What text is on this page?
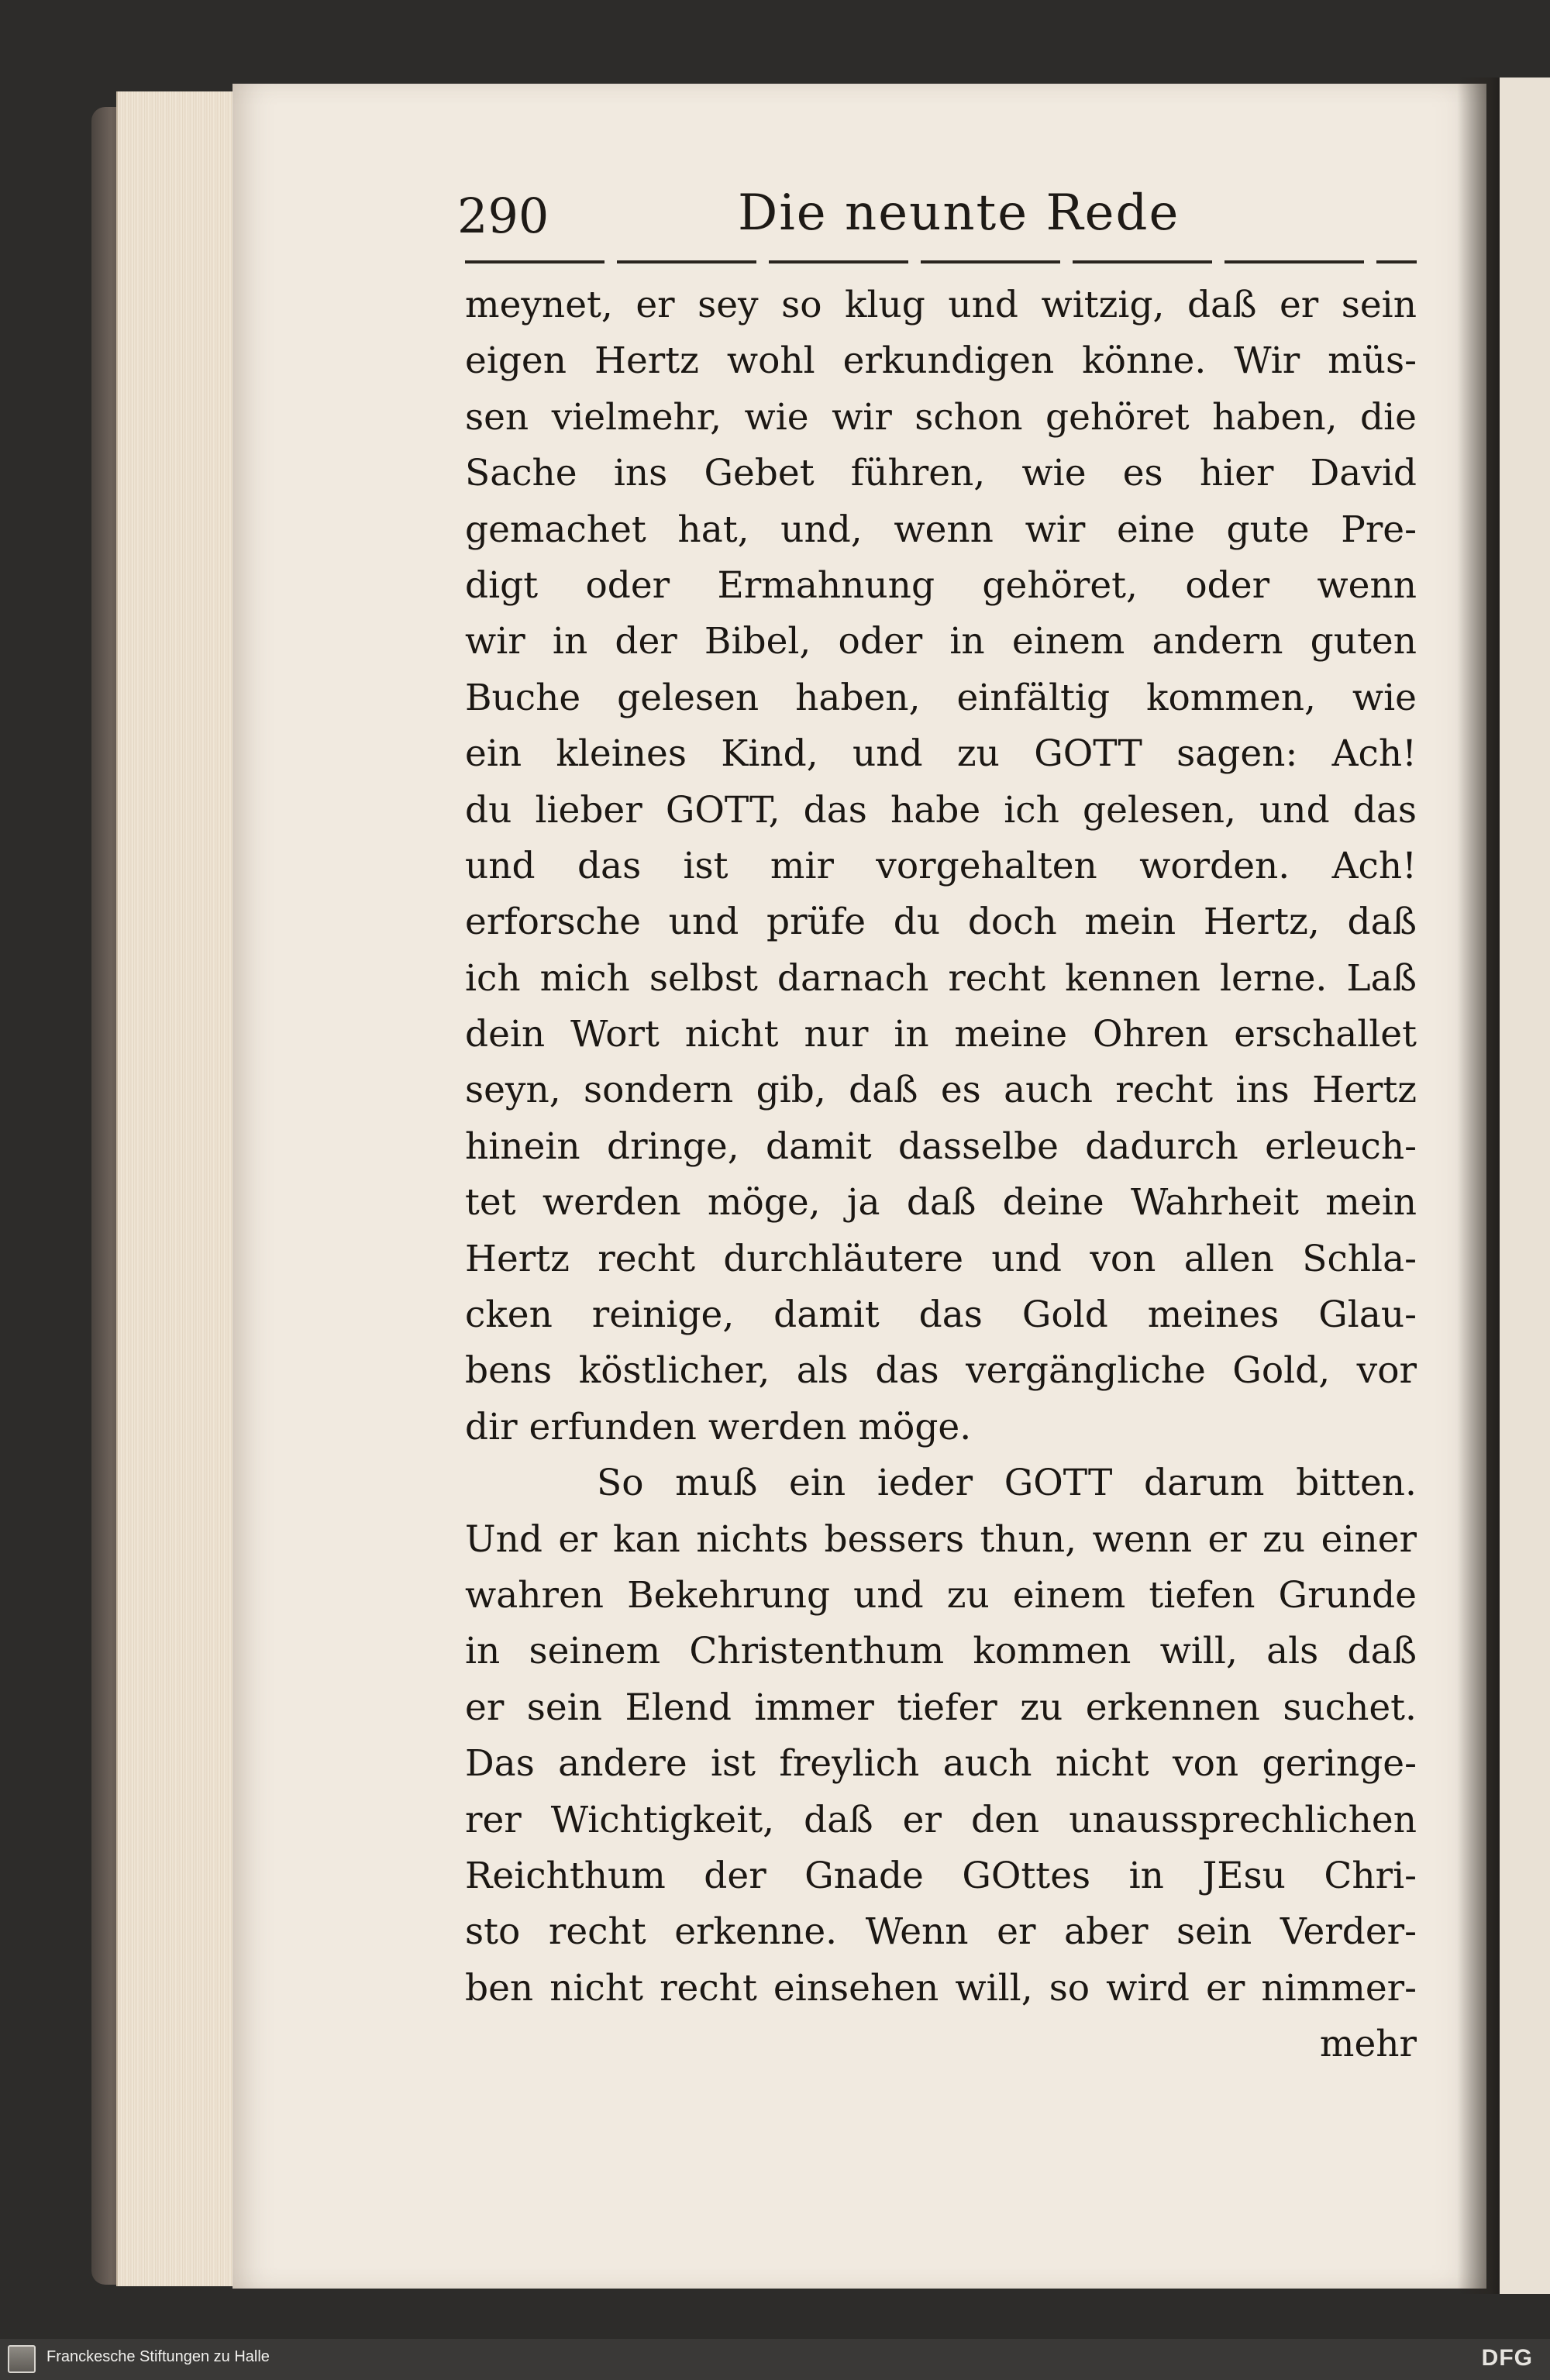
290	Die neunte Rede
meynet, er sey so klug und witzig, daß er sein
eigen Hertz wohl erkundigen könne. Wir müs-
sen vielmehr, wie wir schon gehöret haben, die
Sache ins Gebet führen, wie es hier David
gemachet hat, und, wenn wir eine gute Pre-
digt oder Ermahnung gehöret, oder wenn
wir in der Bibel, oder in einem andern guten
Buche gelesen haben, einfältig kommen, wie
ein kleines Kind, und zu GOTT sagen: Ach!
du lieber GOTT, das habe ich gelesen, und das
und das ist mir vorgehalten worden. Ach!
erforsche und prüfe du doch mein Hertz, daß
ich mich selbst darnach recht kennen lerne. Laß
dein Wort nicht nur in meine Ohren erschallet
seyn, sondern gib, daß es auch recht ins Hertz
hinein dringe, damit dasselbe dadurch erleuch-
tet werden möge, ja daß deine Wahrheit mein
Hertz recht durchläutere und von allen Schla-
cken reinige, damit das Gold meines Glau-
bens köstlicher, als das vergängliche Gold, vor
dir erfunden werden möge.
So muß ein ieder GOTT darum bitten.
Und er kan nichts bessers thun, wenn er zu einer
wahren Bekehrung und zu einem tiefen Grunde
in seinem Christenthum kommen will, als daß
er sein Elend immer tiefer zu erkennen suchet.
Das andere ist freylich auch nicht von geringe-
rer Wichtigkeit, daß er den unaussprechlichen
Reichthum der Gnade GOttes in JEsu Chri-
sto recht erkenne. Wenn er aber sein Verder-
ben nicht recht einsehen will, so wird er nimmer-
mehr
Franckesche Stiftungen zu Halle	DFG
